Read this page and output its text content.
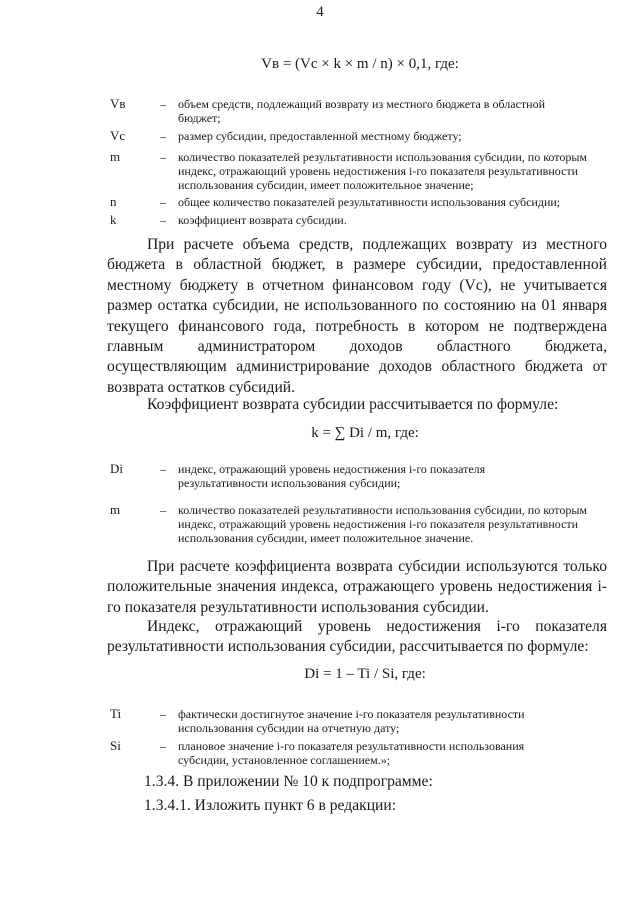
4
Vв = (Vс × k × m / n) × 0,1, где:
Vв	– объем средств, подлежащий возврату из местного бюджета в областной бюджет;
Vс	– размер субсидии, предоставленной местному бюджету;
m	– количество показателей результативности использования субсидии, по которым индекс, отражающий уровень недостижения i-го показателя результативности использования субсидии, имеет положительное значение;
n	– общее количество показателей результативности использования субсидии;
k	– коэффициент возврата субсидии.
При расчете объема средств, подлежащих возврату из местного бюджета в областной бюджет, в размере субсидии, предоставленной местному бюджету в отчетном финансовом году (Vс), не учитывается размер остатка субсидии, не использованного по состоянию на 01 января текущего финансового года, потребность в котором не подтверждена главным администратором доходов областного бюджета, осуществляющим администрирование доходов областного бюджета от возврата остатков субсидий.
Коэффициент возврата субсидии рассчитывается по формуле:
k = ∑ Di / m, где:
Di	– индекс, отражающий уровень недостижения i-го показателя результативности использования субсидии;
m	– количество показателей результативности использования субсидии, по которым индекс, отражающий уровень недостижения i-го показателя результативности использования субсидии, имеет положительное значение.
При расчете коэффициента возврата субсидии используются только положительные значения индекса, отражающего уровень недостижения i-го показателя результативности использования субсидии.
Индекс, отражающий уровень недостижения i-го показателя результативности использования субсидии, рассчитывается по формуле:
Di = 1 – Ti / Si, где:
Ti	– фактически достигнутое значение i-го показателя результативности использования субсидии на отчетную дату;
Si	– плановое значение i-го показателя результативности использования субсидии, установленное соглашением.»;
1.3.4. В приложении № 10 к подпрограмме:
1.3.4.1. Изложить пункт 6 в редакции:
